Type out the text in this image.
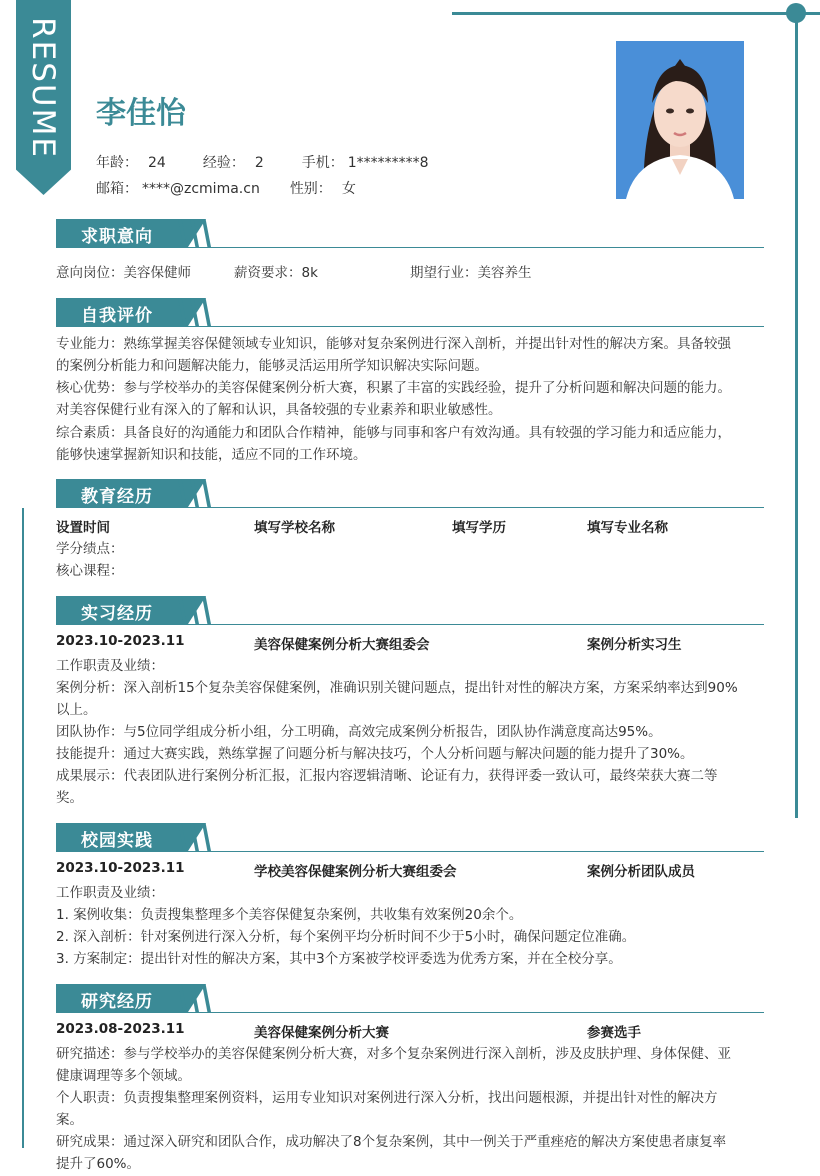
RESUME 李佳怡
年龄： 24	经验： 2	手机： 1*********8
邮箱： ****@zcmima.cn 性别： 女
求职意向
意向岗位：美容保健师	薪资要求：8k	期望行业：美容养生
自我评价
专业能力：熟练掌握美容保健领域专业知识，能够对复杂案例进行深入剖析，并提出针对性的解决方案。具备较强
的案例分析能力和问题解决能力，能够灵活运用所学知识解决实际问题。
核心优势：参与学校举办的美容保健案例分析大赛，积累了丰富的实践经验，提升了分析问题和解决问题的能力。
对美容保健行业有深入的了解和认识，具备较强的专业素养和职业敏感性。
综合素质：具备良好的沟通能力和团队合作精神，能够与同事和客户有效沟通。具有较强的学习能力和适应能力，
能够快速掌握新知识和技能，适应不同的工作环境。
教育经历
设置时间	填写学校名称	填写学历	填写专业名称
学分绩点：
核心课程：
实习经历
2023.10-2023.11	美容保健案例分析大赛组委会	案例分析实习生
工作职责及业绩：
案例分析：深入剖析15个复杂美容保健案例，准确识别关键问题点，提出针对性的解决方案，方案采纳率达到90%
以上。
团队协作：与5位同学组成分析小组，分工明确，高效完成案例分析报告，团队协作满意度高达95%。
技能提升：通过大赛实践，熟练掌握了问题分析与解决技巧，个人分析问题与解决问题的能力提升了30%。
成果展示：代表团队进行案例分析汇报，汇报内容逻辑清晰、论证有力，获得评委一致认可，最终荣获大赛二等
奖。
校园实践
2023.10-2023.11	学校美容保健案例分析大赛组委会	案例分析团队成员
工作职责及业绩：
1. 案例收集：负责搜集整理多个美容保健复杂案例，共收集有效案例20余个。
2. 深入剖析：针对案例进行深入分析，每个案例平均分析时间不少于5小时，确保问题定位准确。
3. 方案制定：提出针对性的解决方案，其中3个方案被学校评委选为优秀方案，并在全校分享。
研究经历
2023.08-2023.11	美容保健案例分析大赛	参赛选手
研究描述：参与学校举办的美容保健案例分析大赛，对多个复杂案例进行深入剖析，涉及皮肤护理、身体保健、亚
健康调理等多个领域。
个人职责：负责搜集整理案例资料，运用专业知识对案例进行深入分析，找出问题根源，并提出针对性的解决方
案。
研究成果：通过深入研究和团队合作，成功解决了8个复杂案例，其中一例关于严重痤疮的解决方案使患者康复率
提升了60%。
